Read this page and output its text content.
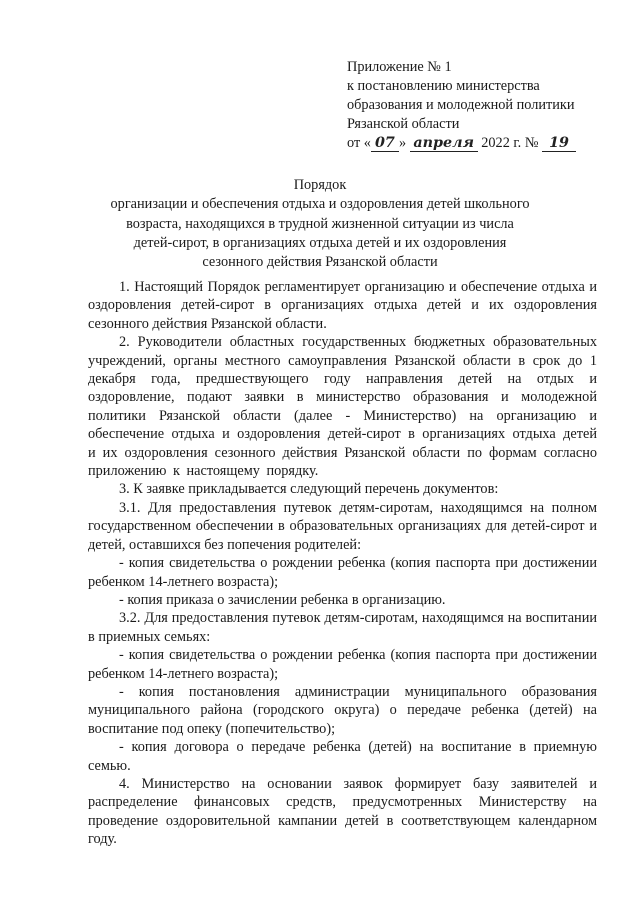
Приложение № 1
к постановлению министерства
образования и молодежной политики
Рязанской области
от « 07 » апреля 2022 г. № 19
Порядок
организации и обеспечения отдыха и оздоровления детей школьного
возраста, находящихся в трудной жизненной ситуации из числа
детей-сирот, в организациях отдыха детей и их оздоровления
сезонного действия Рязанской области

1. Настоящий Порядок регламентирует организацию и обеспечение отдыха и оздоровления детей-сирот в организациях отдыха детей и их оздоровления сезонного действия Рязанской области.

2. Руководители областных государственных бюджетных образовательных учреждений, органы местного самоуправления Рязанской области в срок до 1 декабря года, предшествующего году направления детей на отдых и оздоровление, подают заявки в министерство образования и молодежной политики Рязанской области (далее - Министерство) на организацию и обеспечение отдыха и оздоровления детей-сирот в организациях отдыха детей и их оздоровления сезонного действия Рязанской области по формам согласно приложению к настоящему порядку.

3. К заявке прикладывается следующий перечень документов:

3.1. Для предоставления путевок детям-сиротам, находящимся на полном государственном обеспечении в образовательных организациях для детей-сирот и детей, оставшихся без попечения родителей:

- копия свидетельства о рождении ребенка (копия паспорта при достижении ребенком 14-летнего возраста);

- копия приказа о зачислении ребенка в организацию.

3.2. Для предоставления путевок детям-сиротам, находящимся на воспитании в приемных семьях:

- копия свидетельства о рождении ребенка (копия паспорта при достижении ребенком 14-летнего возраста);

- копия постановления администрации муниципального образования муниципального района (городского округа) о передаче ребенка (детей) на воспитание под опеку (попечительство);

- копия договора о передаче ребенка (детей) на воспитание в приемную семью.

4. Министерство на основании заявок формирует базу заявителей и распределение финансовых средств, предусмотренных Министерству на проведение оздоровительной кампании детей в соответствующем календарном году.
